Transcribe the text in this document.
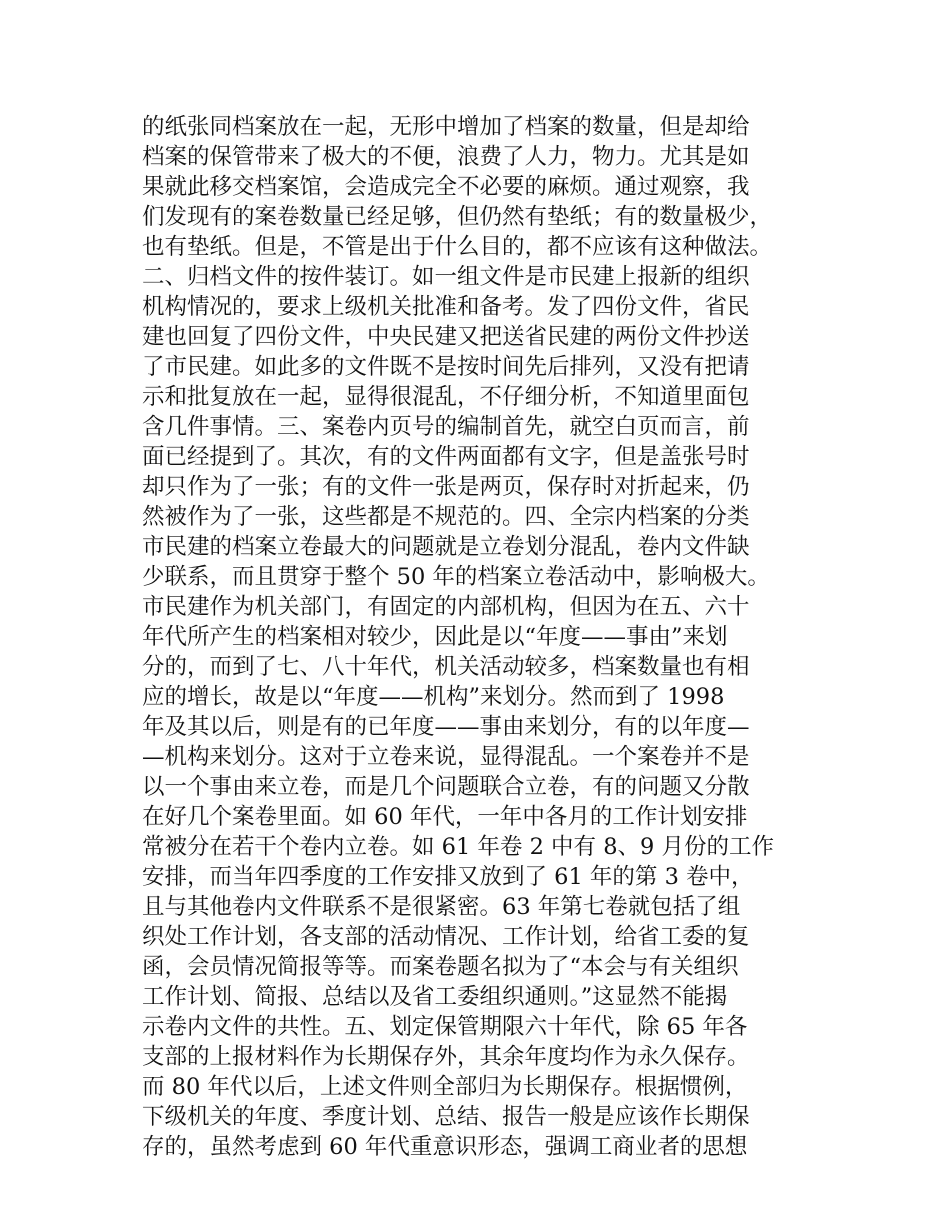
的纸张同档案放在一起，无形中增加了档案的数量，但是却给
档案的保管带来了极大的不便，浪费了人力，物力。尤其是如
果就此移交档案馆，会造成完全不必要的麻烦。通过观察，我
们发现有的案卷数量已经足够，但仍然有垫纸；有的数量极少，
也有垫纸。但是，不管是出于什么目的，都不应该有这种做法。
二、归档文件的按件装订。如一组文件是市民建上报新的组织
机构情况的，要求上级机关批准和备考。发了四份文件，省民
建也回复了四份文件，中央民建又把送省民建的两份文件抄送
了市民建。如此多的文件既不是按时间先后排列，又没有把请
示和批复放在一起，显得很混乱，不仔细分析，不知道里面包
含几件事情。三、案卷内页号的编制首先，就空白页而言，前
面已经提到了。其次，有的文件两面都有文字，但是盖张号时
却只作为了一张；有的文件一张是两页，保存时对折起来，仍
然被作为了一张，这些都是不规范的。四、全宗内档案的分类
市民建的档案立卷最大的问题就是立卷划分混乱，卷内文件缺
少联系，而且贯穿于整个 50 年的档案立卷活动中，影响极大。
市民建作为机关部门，有固定的内部机构，但因为在五、六十
年代所产生的档案相对较少，因此是以“年度——事由”来划
分的，而到了七、八十年代，机关活动较多，档案数量也有相
应的增长，故是以“年度——机构”来划分。然而到了 1998
年及其以后，则是有的已年度——事由来划分，有的以年度—
—机构来划分。这对于立卷来说，显得混乱。一个案卷并不是
以一个事由来立卷，而是几个问题联合立卷，有的问题又分散
在好几个案卷里面。如 60 年代，一年中各月的工作计划安排
常被分在若干个卷内立卷。如 61 年卷 2 中有 8、9 月份的工作
安排，而当年四季度的工作安排又放到了 61 年的第 3 卷中，
且与其他卷内文件联系不是很紧密。63 年第七卷就包括了组
织处工作计划，各支部的活动情况、工作计划，给省工委的复
函，会员情况简报等等。而案卷题名拟为了“本会与有关组织
工作计划、简报、总结以及省工委组织通则。”这显然不能揭
示卷内文件的共性。五、划定保管期限六十年代，除 65 年各
支部的上报材料作为长期保存外，其余年度均作为永久保存。
而 80 年代以后，上述文件则全部归为长期保存。根据惯例，
下级机关的年度、季度计划、总结、报告一般是应该作长期保
存的，虽然考虑到 60 年代重意识形态，强调工商业者的思想
